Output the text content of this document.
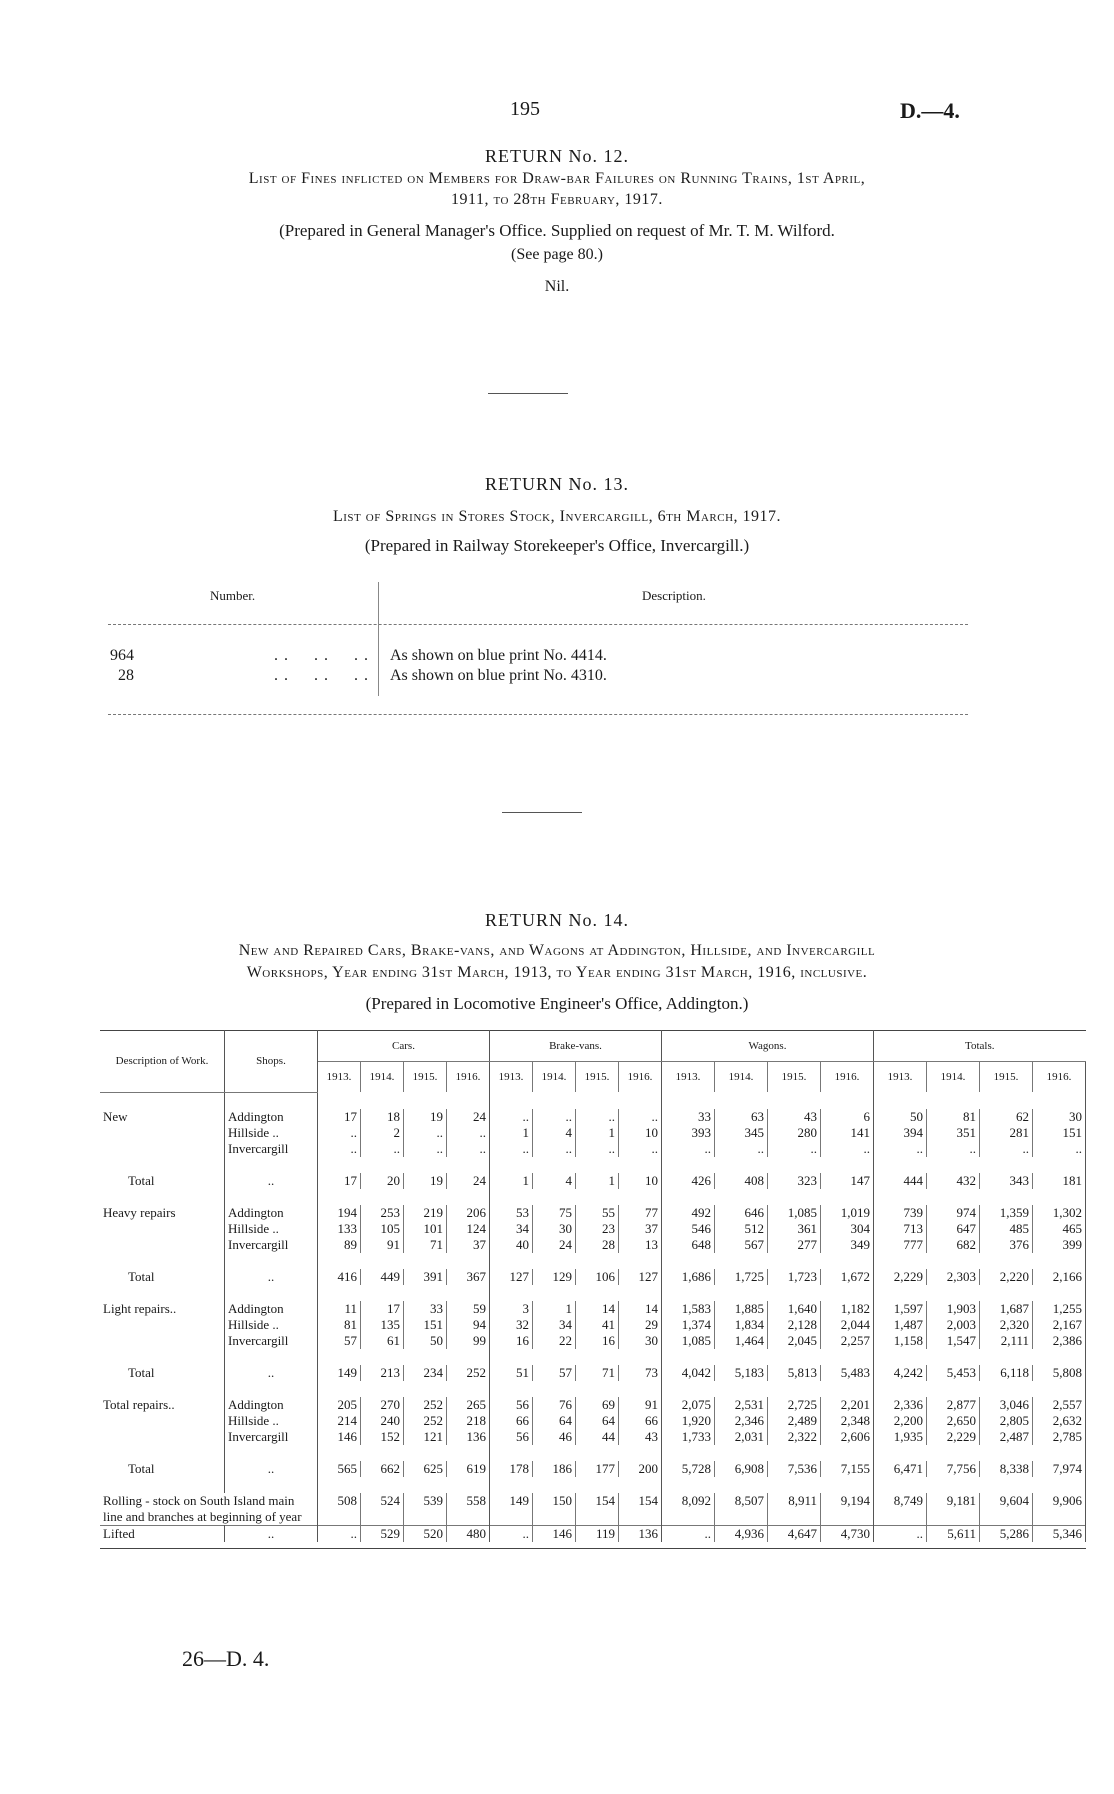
195	D.—4.
RETURN No. 12.
List of Fines inflicted on Members for Draw-bar Failures on Running Trains, 1st April,
1911, to 28th February, 1917.
(Prepared in General Manager's Office. Supplied on request of Mr. T. M. Wilford.
(See page 80.)
Nil.
RETURN No. 13.
List of Springs in Stores Stock, Invercargill, 6th March, 1917.
(Prepared in Railway Storekeeper's Office, Invercargill.)
Number.	Description.
964	..  ..  .. As shown on blue print No. 4414.
28	..  ..  .. As shown on blue print No. 4310.
RETURN No. 14.
New and Repaired Cars, Brake-vans, and Wagons at Addington, Hillside, and Invercargill
Workshops, Year ending 31st March, 1913, to Year ending 31st March, 1916, inclusive.
(Prepared in Locomotive Engineer's Office, Addington.)
Description of Work.	Shops.	Cars.				Brake-vans.				Wagons.				Totals.			
		1913.	1914.	1915.	1916.	1913.	1914.	1915.	1916.	1913.	1914.	1915.	1916.	1913.	1914.	1915.	1916.

New	Addington	17	18	19	24	..	..	..	..	33	63	43	6	50	81	62	30
	Hillside ..	..	2	..	..	1	4	1	10	393	345	280	141	394	351	281	151
	Invercargill	..	..	..	..	..	..	..	..	..	..	..	..	..	..	..	..

Total	..	17	20	19	24	1	4	1	10	426	408	323	147	444	432	343	181

Heavy repairs	Addington	194	253	219	206	53	75	55	77	492	646	1,085	1,019	739	974	1,359	1,302
	Hillside ..	133	105	101	124	34	30	23	37	546	512	361	304	713	647	485	465
	Invercargill	89	91	71	37	40	24	28	13	648	567	277	349	777	682	376	399

Total	..	416	449	391	367	127	129	106	127	1,686	1,725	1,723	1,672	2,229	2,303	2,220	2,166

Light repairs..	Addington	11	17	33	59	3	1	14	14	1,583	1,885	1,640	1,182	1,597	1,903	1,687	1,255
	Hillside ..	81	135	151	94	32	34	41	29	1,374	1,834	2,128	2,044	1,487	2,003	2,320	2,167
	Invercargill	57	61	50	99	16	22	16	30	1,085	1,464	2,045	2,257	1,158	1,547	2,111	2,386

Total	..	149	213	234	252	51	57	71	73	4,042	5,183	5,813	5,483	4,242	5,453	6,118	5,808

Total repairs..	Addington	205	270	252	265	56	76	69	91	2,075	2,531	2,725	2,201	2,336	2,877	3,046	2,557
	Hillside ..	214	240	252	218	66	64	64	66	1,920	2,346	2,489	2,348	2,200	2,650	2,805	2,632
	Invercargill	146	152	121	136	56	46	44	43	1,733	2,031	2,322	2,606	1,935	2,229	2,487	2,785

Total	..	565	662	625	619	178	186	177	200	5,728	6,908	7,536	7,155	6,471	7,756	8,338	7,974

Rolling - stock on South Island main line and branches at beginning of year		508	524	539	558	149	150	154	154	8,092	8,507	8,911	9,194	8,749	9,181	9,604	9,906
Lifted	..	..	529	520	480	..	146	119	136	..	4,936	4,647	4,730	..	5,611	5,286	5,346

26—D. 4.
